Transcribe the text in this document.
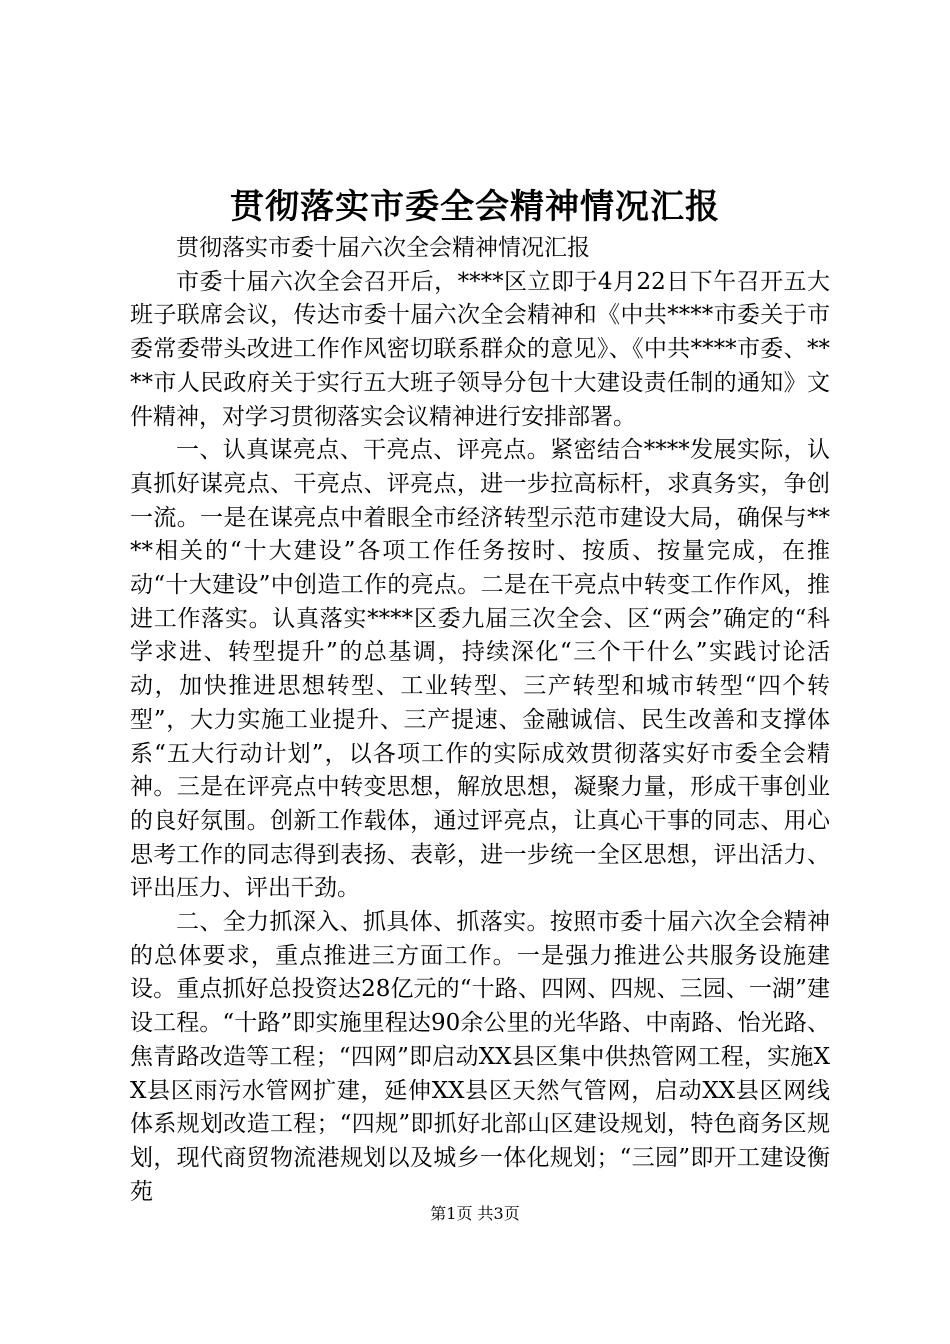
贯彻落实市委全会精神情况汇报

贯彻落实市委十届六次全会精神情况汇报

市委十届六次全会召开后，****区立即于4月22日下午召开五大班子联席会议，传达市委十届六次全会精神和《中共****市委关于市委常委带头改进工作作风密切联系群众的意见》、《中共****市委、****市人民政府关于实行五大班子领导分包十大建设责任制的通知》文件精神，对学习贯彻落实会议精神进行安排部署。

一、认真谋亮点、干亮点、评亮点。紧密结合****发展实际，认真抓好谋亮点、干亮点、评亮点，进一步拉高标杆，求真务实，争创一流。一是在谋亮点中着眼全市经济转型示范市建设大局，确保与****相关的“十大建设”各项工作任务按时、按质、按量完成，在推动“十大建设”中创造工作的亮点。二是在干亮点中转变工作作风，推进工作落实。认真落实****区委九届三次全会、区“两会”确定的“科学求进、转型提升”的总基调，持续深化“三个干什么”实践讨论活动，加快推进思想转型、工业转型、三产转型和城市转型“四个转型”，大力实施工业提升、三产提速、金融诚信、民生改善和支撑体系“五大行动计划”，以各项工作的实际成效贯彻落实好市委全会精神。三是在评亮点中转变思想，解放思想，凝聚力量，形成干事创业的良好氛围。创新工作载体，通过评亮点，让真心干事的同志、用心思考工作的同志得到表扬、表彰，进一步统一全区思想，评出活力、评出压力、评出干劲。

二、全力抓深入、抓具体、抓落实。按照市委十届六次全会精神的总体要求，重点推进三方面工作。一是强力推进公共服务设施建设。重点抓好总投资达28亿元的“十路、四网、四规、三园、一湖”建设工程。“十路”即实施里程达90余公里的光华路、中南路、怡光路、焦青路改造等工程；“四网”即启动XX县区集中供热管网工程，实施XX县区雨污水管网扩建，延伸XX县区天然气管网，启动XX县区网线体系规划改造工程；“四规”即抓好北部山区建设规划，特色商务区规划，现代商贸物流港规划以及城乡一体化规划；“三园”即开工建设衡苑

第1页 共3页
